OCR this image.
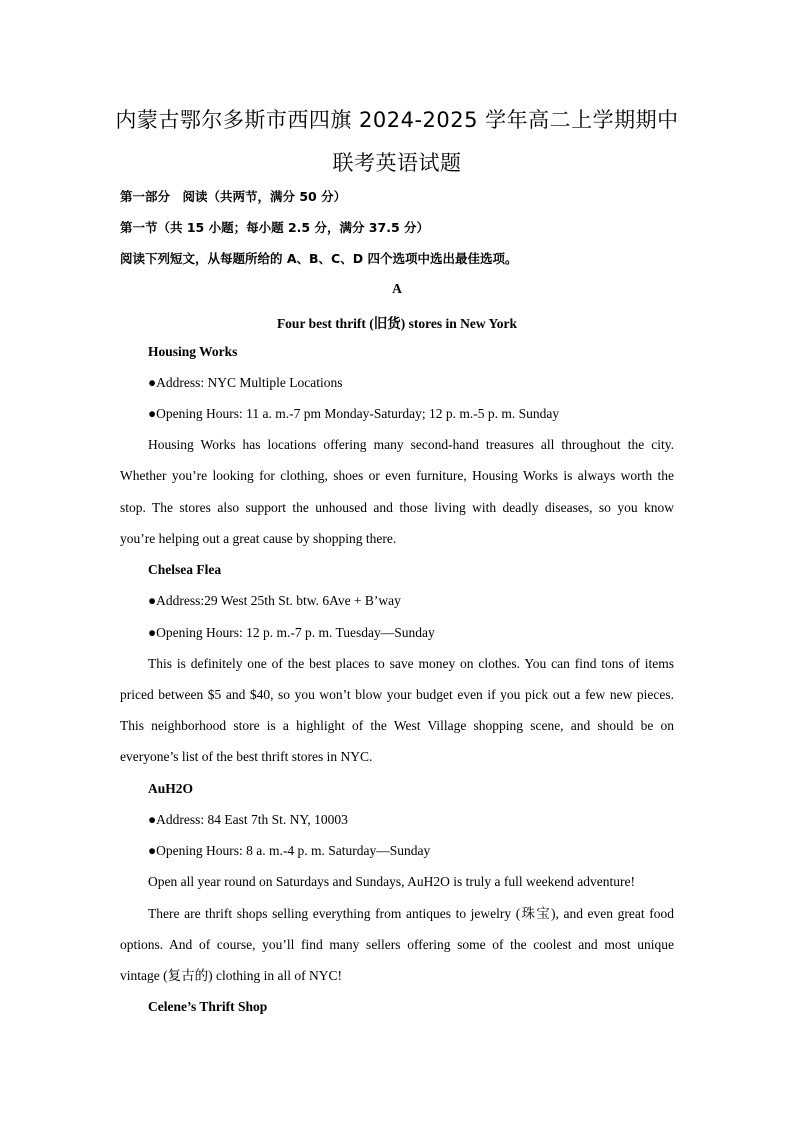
内蒙古鄂尔多斯市西四旗 2024-2025 学年高二上学期期中
联考英语试题
第一部分　阅读（共两节，满分 50 分）
第一节（共 15 小题；每小题 2.5 分，满分 37.5 分）
阅读下列短文，从每题所给的 A、B、C、D 四个选项中选出最佳选项。
A
Four best thrift (旧货) stores in New York
Housing Works
●Address: NYC Multiple Locations
●Opening Hours: 11 a. m.-7 pm Monday-Saturday; 12 p. m.-5 p. m. Sunday
Housing Works has locations offering many second-hand treasures all throughout the city.
Whether you’re looking for clothing, shoes or even furniture, Housing Works is always worth the
stop. The stores also support the unhoused and those living with deadly diseases, so you know
you’re helping out a great cause by shopping there.
Chelsea Flea
●Address:29 West 25th St. btw. 6Ave + B’way
●Opening Hours: 12 p. m.-7 p. m. Tuesday—Sunday
This is definitely one of the best places to save money on clothes. You can find tons of items
priced between $5 and $40, so you won’t blow your budget even if you pick out a few new pieces.
This neighborhood store is a highlight of the West Village shopping scene, and should be on
everyone’s list of the best thrift stores in NYC.
AuH2O
●Address: 84 East 7th St. NY, 10003
●Opening Hours: 8 a. m.-4 p. m. Saturday—Sunday
Open all year round on Saturdays and Sundays, AuH2O is truly a full weekend adventure!
There are thrift shops selling everything from antiques to jewelry (珠宝), and even great food
options. And of course, you’ll find many sellers offering some of the coolest and most unique
vintage (复古的) clothing in all of NYC!
Celene’s Thrift Shop
